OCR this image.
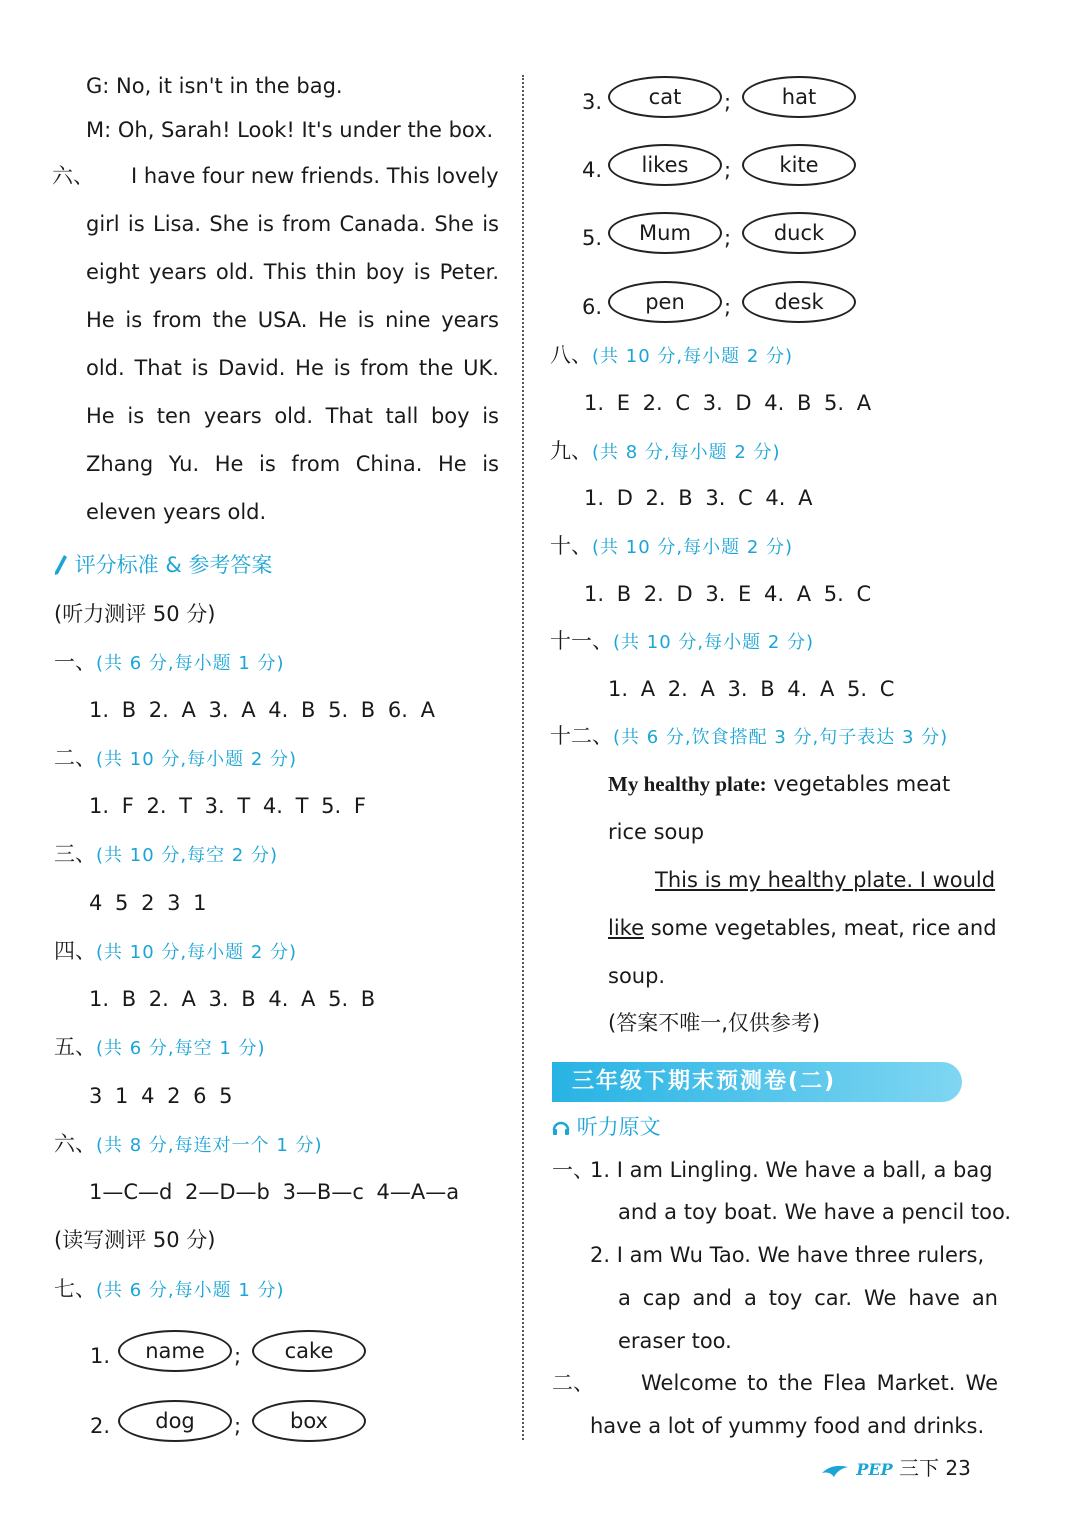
G: No, it isn't in the bag.
M: Oh, Sarah! Look! It's under the box.
六、 I have four new friends. This lovely
girl is Lisa. She is from Canada. She is
eight years old. This thin boy is Peter.
He is from the USA. He is nine years
old. That is David. He is from the UK.
He is ten years old. That tall boy is
Zhang Yu. He is from China. He is
eleven years old.
评分标准 & 参考答案
(听力测评 50 分)
一、(共 6 分,每小题 1 分)
1. B 2. A 3. A 4. B 5. B 6. A
二、(共 10 分,每小题 2 分)
1. F 2. T 3. T 4. T 5. F
三、(共 10 分,每空 2 分)
4 5 2 3 1
四、(共 10 分,每小题 2 分)
1. B 2. A 3. B 4. A 5. B
五、(共 6 分,每空 1 分)
3 1 4 2 6 5
六、(共 8 分,每连对一个 1 分)
1—C—d 2—D—b 3—B—c 4—A—a
(读写测评 50 分)
七、(共 6 分,每小题 1 分)
1.	name	;	cake
2.	dog	;	box
3.	cat	;	hat
4.	likes	;	kite
5.	Mum	;	duck
6.	pen	;	desk
八、(共 10 分,每小题 2 分)
1. E 2. C 3. D 4. B 5. A
九、(共 8 分,每小题 2 分)
1. D 2. B 3. C 4. A
十、(共 10 分,每小题 2 分)
1. B 2. D 3. E 4. A 5. C
十一、(共 10 分,每小题 2 分)
1. A 2. A 3. B 4. A 5. C
十二、(共 6 分,饮食搭配 3 分,句子表达 3 分)
My healthy plate: vegetables meat
rice soup
This is my healthy plate. I would
like some vegetables, meat, rice and
soup.
(答案不唯一,仅供参考)
三年级下期末预测卷(二)
听力原文
一、
1. I am Lingling. We have a ball, a bag
and a toy boat. We have a pencil too.
2. I am Wu Tao. We have three rulers,
a cap and a toy car. We have an
eraser too.
二、 Welcome to the Flea Market. We
have a lot of yummy food and drinks.
PEP 三下 23
